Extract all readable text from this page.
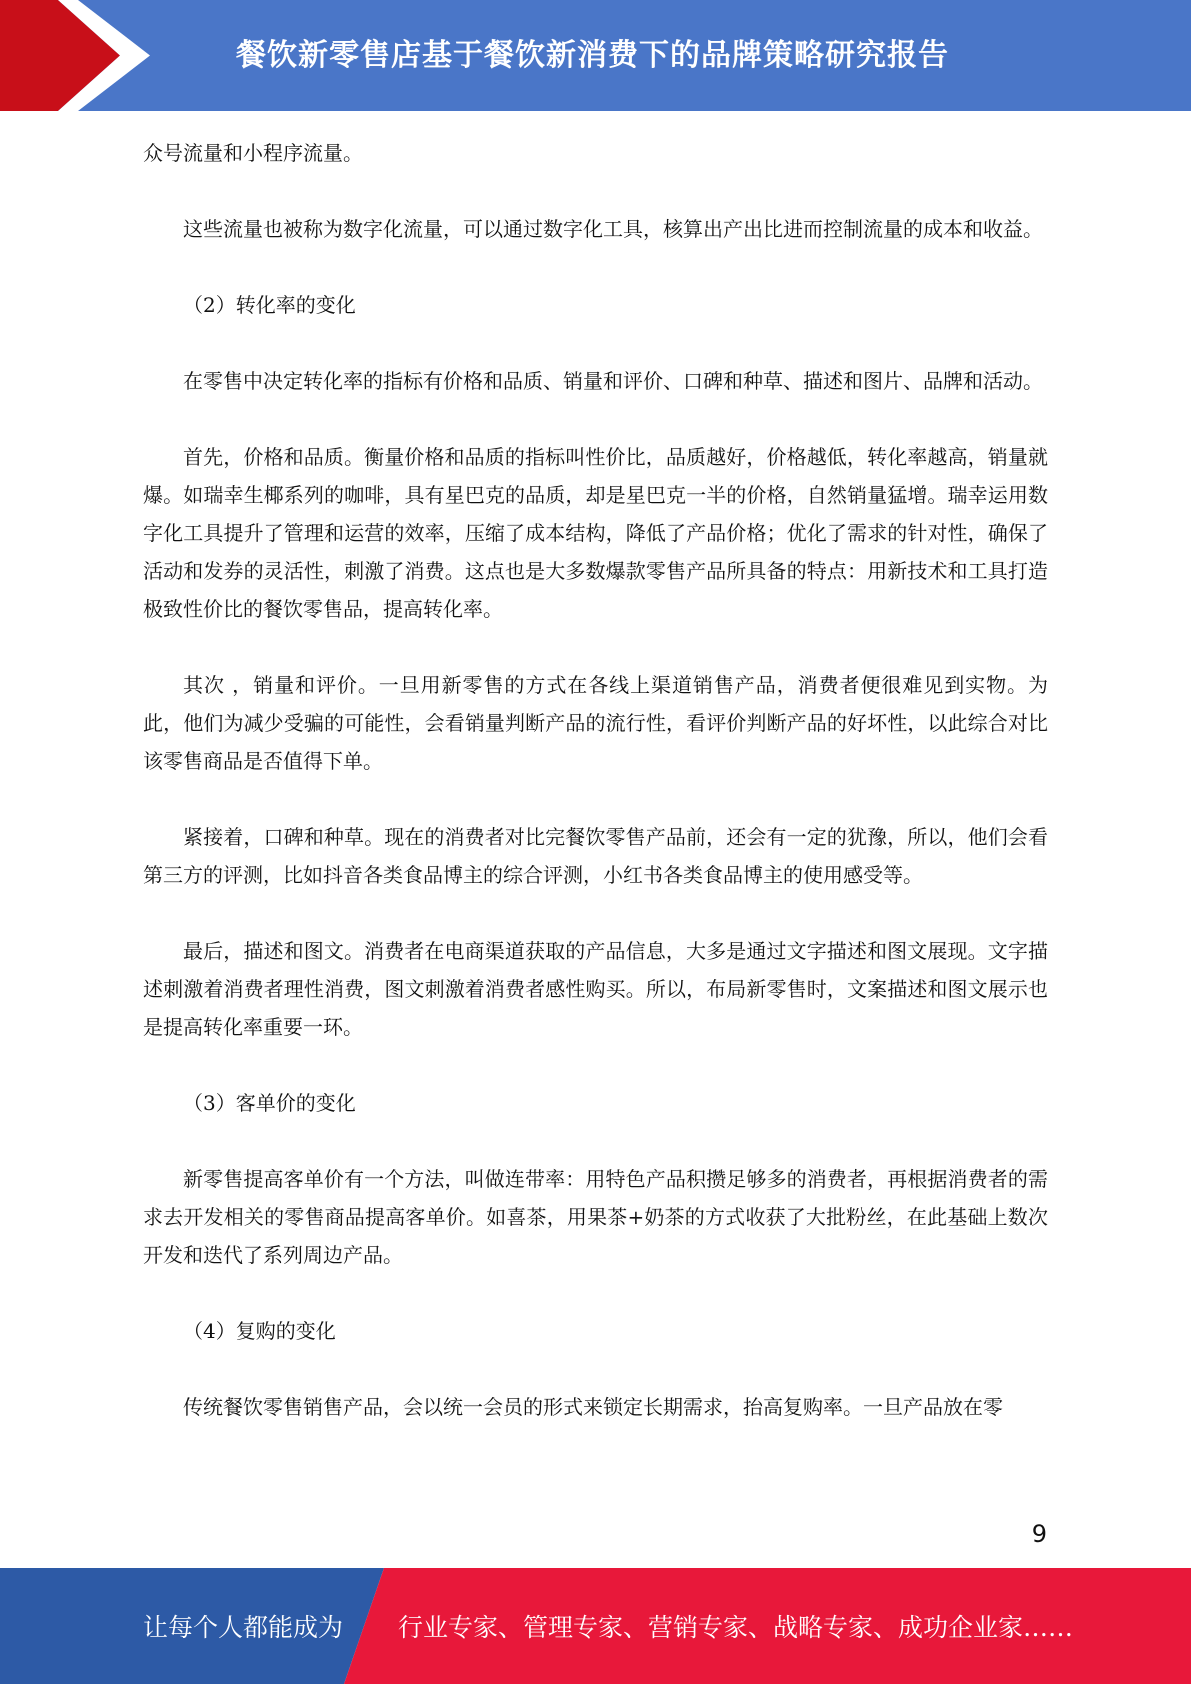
餐饮新零售店基于餐饮新消费下的品牌策略研究报告

众号流量和小程序流量。

这些流量也被称为数字化流量，可以通过数字化工具，核算出产出比进而控制流量的成本和收益。

（2）转化率的变化

在零售中决定转化率的指标有价格和品质、销量和评价、口碑和种草、描述和图片、品牌和活动。

首先，价格和品质。衡量价格和品质的指标叫性价比，品质越好，价格越低，转化率越高，销量就爆。如瑞幸生椰系列的咖啡，具有星巴克的品质，却是星巴克一半的价格，自然销量猛增。瑞幸运用数字化工具提升了管理和运营的效率，压缩了成本结构，降低了产品价格；优化了需求的针对性，确保了活动和发券的灵活性，刺激了消费。这点也是大多数爆款零售产品所具备的特点：用新技术和工具打造极致性价比的餐饮零售品，提高转化率。

其次 ，销量和评价。一旦用新零售的方式在各线上渠道销售产品，消费者便很难见到实物。为此，他们为减少受骗的可能性，会看销量判断产品的流行性，看评价判断产品的好坏性，以此综合对比该零售商品是否值得下单。

紧接着，口碑和种草。现在的消费者对比完餐饮零售产品前，还会有一定的犹豫，所以，他们会看第三方的评测，比如抖音各类食品博主的综合评测，小红书各类食品博主的使用感受等。

最后，描述和图文。消费者在电商渠道获取的产品信息，大多是通过文字描述和图文展现。文字描述刺激着消费者理性消费，图文刺激着消费者感性购买。所以，布局新零售时，文案描述和图文展示也是提高转化率重要一环。

（3）客单价的变化

新零售提高客单价有一个方法，叫做连带率：用特色产品积攒足够多的消费者，再根据消费者的需求去开发相关的零售商品提高客单价。如喜茶，用果茶+奶茶的方式收获了大批粉丝，在此基础上数次开发和迭代了系列周边产品。

（4）复购的变化

传统餐饮零售销售产品，会以统一会员的形式来锁定长期需求，抬高复购率。一旦产品放在零

9
让每个人都能成为 行业专家、管理专家、营销专家、战略专家、成功企业家……
